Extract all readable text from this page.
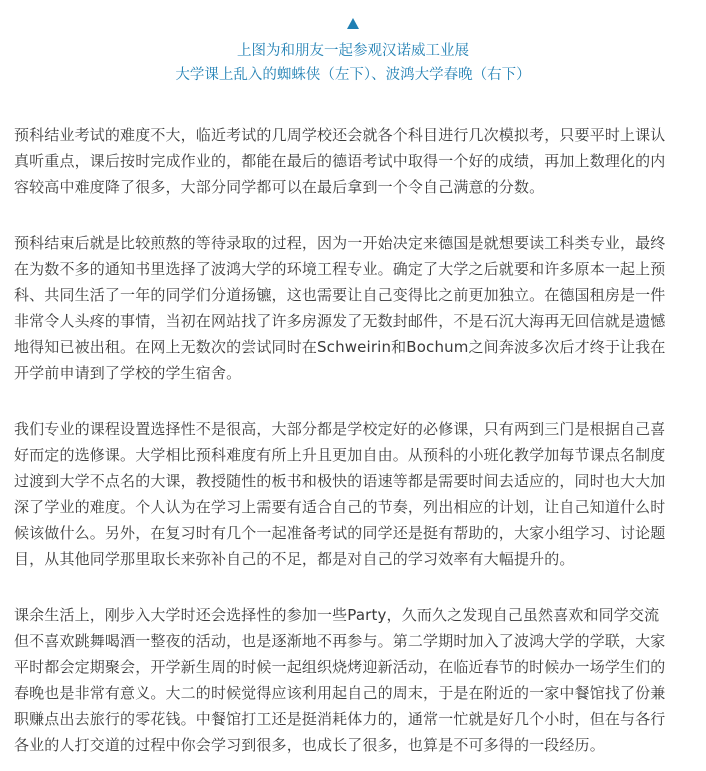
上图为和朋友一起参观汉诺威工业展
大学课上乱入的蜘蛛侠（左下）、波鸿大学春晚（右下）
预科结业考试的难度不大，临近考试的几周学校还会就各个科目进行几次模拟考，只要平时上课认
真听重点，课后按时完成作业的，都能在最后的德语考试中取得一个好的成绩，再加上数理化的内
容较高中难度降了很多，大部分同学都可以在最后拿到一个令自己满意的分数。
预科结束后就是比较煎熬的等待录取的过程，因为一开始决定来德国是就想要读工科类专业，最终
在为数不多的通知书里选择了波鸿大学的环境工程专业。确定了大学之后就要和许多原本一起上预
科、共同生活了一年的同学们分道扬镳，这也需要让自己变得比之前更加独立。在德国租房是一件
非常令人头疼的事情，当初在网站找了许多房源发了无数封邮件，不是石沉大海再无回信就是遗憾
地得知已被出租。在网上无数次的尝试同时在Schweirin和Bochum之间奔波多次后才终于让我在
开学前申请到了学校的学生宿舍。
我们专业的课程设置选择性不是很高，大部分都是学校定好的必修课，只有两到三门是根据自己喜
好而定的选修课。大学相比预科难度有所上升且更加自由。从预科的小班化教学加每节课点名制度
过渡到大学不点名的大课，教授随性的板书和极快的语速等都是需要时间去适应的，同时也大大加
深了学业的难度。个人认为在学习上需要有适合自己的节奏，列出相应的计划，让自己知道什么时
候该做什么。另外，在复习时有几个一起准备考试的同学还是挺有帮助的，大家小组学习、讨论题
目，从其他同学那里取长来弥补自己的不足，都是对自己的学习效率有大幅提升的。
课余生活上，刚步入大学时还会选择性的参加一些Party，久而久之发现自己虽然喜欢和同学交流
但不喜欢跳舞喝酒一整夜的活动，也是逐渐地不再参与。第二学期时加入了波鸿大学的学联，大家
平时都会定期聚会，开学新生周的时候一起组织烧烤迎新活动，在临近春节的时候办一场学生们的
春晚也是非常有意义。大二的时候觉得应该利用起自己的周末，于是在附近的一家中餐馆找了份兼
职赚点出去旅行的零花钱。中餐馆打工还是挺消耗体力的，通常一忙就是好几个小时，但在与各行
各业的人打交道的过程中你会学习到很多，也成长了很多，也算是不可多得的一段经历。
